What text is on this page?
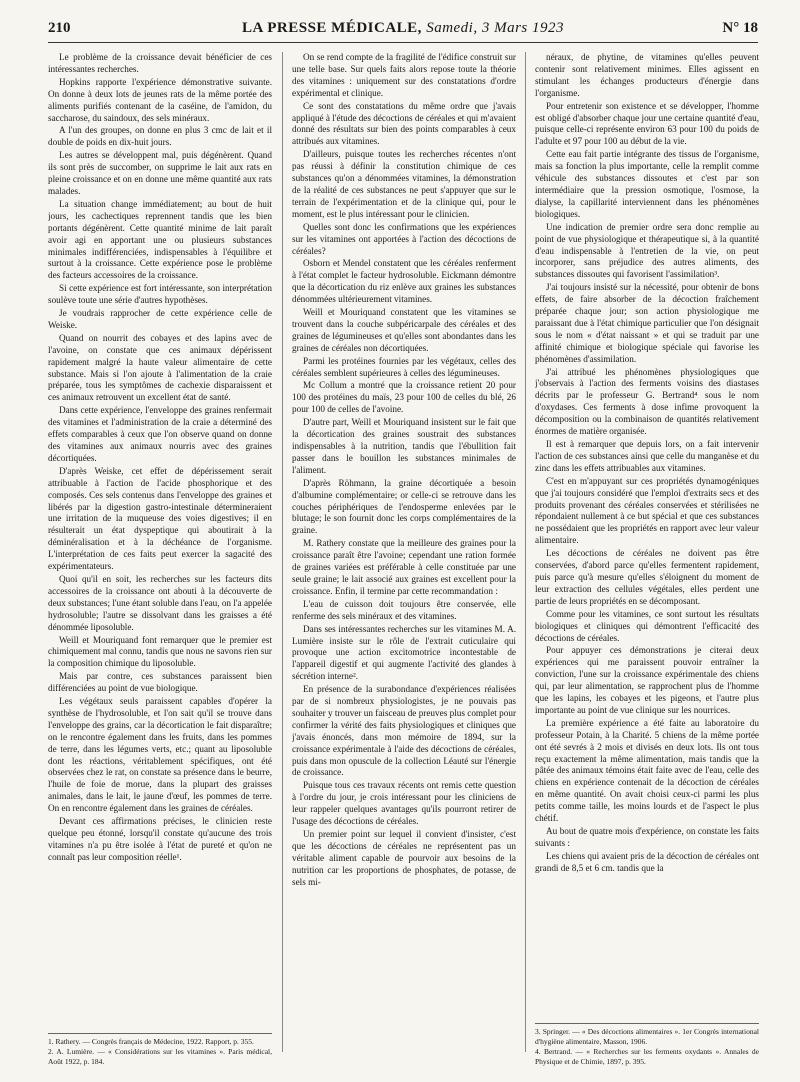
210	LA PRESSE MÉDICALE, Samedi, 3 Mars 1923	N° 18

Le problème de la croissance devait bénéficier de ces intéressantes recherches.

Hopkins rapporte l'expérience démonstrative suivante. On donne à deux lots de jeunes rats de la même portée des aliments purifiés contenant de la caséine, de l'amidon, du saccharose, du saindoux, des sels minéraux.

A l'un des groupes, on donne en plus 3 cmc de lait et il double de poids en dix-huit jours.

Les autres se développent mal, puis dégénèrent. Quand ils sont près de succomber, on supprime le lait aux rats en pleine croissance et on en donne une même quantité aux rats malades.

La situation change immédiatement; au bout de huit jours, les cachectiques reprennent tandis que les bien portants dégénèrent. Cette quantité minime de lait paraît avoir agi en apportant une ou plusieurs substances minimales indifférenciées, indispensables à l'équilibre et surtout à la croissance. Cette expérience pose le problème des facteurs accessoires de la croissance.

Si cette expérience est fort intéressante, son interprétation soulève toute une série d'autres hypothèses.

Je voudrais rapprocher de cette expérience celle de Weiske.

Quand on nourrit des cobayes et des lapins avec de l'avoine, on constate que ces animaux dépérissent rapidement malgré la haute valeur alimentaire de cette substance. Mais si l'on ajoute à l'alimentation de la craie préparée, tous les symptômes de cachexie disparaissent et ces animaux retrouvent un excellent état de santé.

Dans cette expérience, l'enveloppe des graines renfermait des vitamines et l'administration de la craie a déterminé des effets comparables à ceux que l'on observe quand on donne des vitamines aux animaux nourris avec des graines décortiquées.

D'après Weiske, cet effet de dépérissement serait attribuable à l'action de l'acide phosphorique et des composés. Ces sels contenus dans l'enveloppe des graines et libérés par la digestion gastro-intestinale détermineraient une irritation de la muqueuse des voies digestives; il en résulterait un état dyspeptique qui aboutirait à la déminéralisation et à la déchéance de l'organisme. L'interprétation de ces faits peut exercer la sagacité des expérimentateurs.

Quoi qu'il en soit, les recherches sur les facteurs dits accessoires de la croissance ont abouti à la découverte de deux substances; l'une étant soluble dans l'eau, on l'a appelée hydrosoluble; l'autre se dissolvant dans les graisses a été dénommée liposoluble.

Weill et Mouriquand font remarquer que le premier est chimiquement mal connu, tandis que nous ne savons rien sur la composition chimique du liposoluble.

Mais par contre, ces substances paraissent bien différenciées au point de vue biologique.

Les végétaux seuls paraissent capables d'opérer la synthèse de l'hydrosoluble, et l'on sait qu'il se trouve dans l'enveloppe des grains, car la décortication le fait disparaître; on le rencontre également dans les fruits, dans les pommes de terre, dans les légumes verts, etc.; quant au liposoluble dont les réactions, véritablement spécifiques, ont été observées chez le rat, on constate sa présence dans le beurre, l'huile de foie de morue, dans la plupart des graisses animales, dans le lait, le jaune d'œuf, les pommes de terre. On en rencontre également dans les graines de céréales.

Devant ces affirmations précises, le clinicien reste quelque peu étonné, lorsqu'il constate qu'aucune des trois vitamines n'a pu être isolée à l'état de pureté et qu'on ne connaît pas leur composition réelle¹.

1. Rathery. — Congrès français de Médecine, 1922. Rapport, p. 355.
2. A. Lumière. — « Considérations sur les vitamines ». Paris médical, Août 1922, p. 184.

On se rend compte de la fragilité de l'édifice construit sur une telle base. Sur quels faits alors repose toute la théorie des vitamines : uniquement sur des constatations d'ordre expérimental et clinique.

Ce sont des constatations du même ordre que j'avais appliqué à l'étude des décoctions de céréales et qui m'avaient donné des résultats sur bien des points comparables à ceux attribués aux vitamines.

D'ailleurs, puisque toutes les recherches récentes n'ont pas réussi à définir la constitution chimique de ces substances qu'on a dénommées vitamines, la démonstration de la réalité de ces substances ne peut s'appuyer que sur le terrain de l'expérimentation et de la clinique qui, pour le moment, est le plus intéressant pour le clinicien.

Quelles sont donc les confirmations que les expériences sur les vitamines ont apportées à l'action des décoctions de céréales?

Osborn et Mendel constatent que les céréales renferment à l'état complet le facteur hydrosoluble. Eickmann démontre que la décortication du riz enlève aux graines les substances dénommées ultérieurement vitamines.

Weill et Mouriquand constatent que les vitamines se trouvent dans la couche subpéricarpale des céréales et des graines de légumineuses et qu'elles sont abondantes dans les graines de céréales non décortiquées.

Parmi les protéines fournies par les végétaux, celles des céréales semblent supérieures à celles des légumineuses.

Mc Collum a montré que la croissance retient 20 pour 100 des protéines du maïs, 23 pour 100 de celles du blé, 26 pour 100 de celles de l'avoine.

D'autre part, Weill et Mouriquand insistent sur le fait que la décortication des graines soustrait des substances indispensables à la nutrition, tandis que l'ébullition fait passer dans le bouillon les substances minimales de l'aliment.

D'après Röhmann, la graine décortiquée a besoin d'albumine complémentaire; or celle-ci se retrouve dans les couches périphériques de l'endosperme enlevées par le blutage; le son fournit donc les corps complémentaires de la graine.

M. Rathery constate que la meilleure des graines pour la croissance paraît être l'avoine; cependant une ration formée de graines variées est préférable à celle constituée par une seule graine; le lait associé aux graines est excellent pour la croissance. Enfin, il termine par cette recommandation :

L'eau de cuisson doit toujours être conservée, elle renferme des sels minéraux et des vitamines.

Dans ses intéressantes recherches sur les vitamines M. A. Lumière insiste sur le rôle de l'extrait cuticulaire qui provoque une action excitomotrice incontestable de l'appareil digestif et qui augmente l'activité des glandes à sécrétion interne².

En présence de la surabondance d'expériences réalisées par de si nombreux physiologistes, je ne pouvais pas souhaiter y trouver un faisceau de preuves plus complet pour confirmer la vérité des faits physiologiques et cliniques que j'avais énoncés, dans mon mémoire de 1894, sur la croissance expérimentale à l'aide des décoctions de céréales, puis dans mon opuscule de la collection Léauté sur l'énergie de croissance.

Puisque tous ces travaux récents ont remis cette question à l'ordre du jour, je crois intéressant pour les cliniciens de leur rappeler quelques avantages qu'ils pourront retirer de l'usage des décoctions de céréales.

Un premier point sur lequel il convient d'insister, c'est que les décoctions de céréales ne représentent pas un véritable aliment capable de pourvoir aux besoins de la nutrition car les proportions de phosphates, de potasse, de sels mi-

néraux, de phytine, de vitamines qu'elles peuvent contenir sont relativement minimes. Elles agissent en stimulant les échanges producteurs d'énergie dans l'organisme.

Pour entretenir son existence et se développer, l'homme est obligé d'absorber chaque jour une certaine quantité d'eau, puisque celle-ci représente environ 63 pour 100 du poids de l'adulte et 97 pour 100 au début de la vie.

Cette eau fait partie intégrante des tissus de l'organisme, mais sa fonction la plus importante, celle la remplit comme véhicule des substances dissoutes et c'est par son intermédiaire que la pression osmotique, l'osmose, la dialyse, la capillarité interviennent dans les phénomènes biologiques.

Une indication de premier ordre sera donc remplie au point de vue physiologique et thérapeutique si, à la quantité d'eau indispensable à l'entretien de la vie, on peut incorporer, sans préjudice des autres aliments, des substances dissoutes qui favorisent l'assimilation³.

J'ai toujours insisté sur la nécessité, pour obtenir de bons effets, de faire absorber de la décoction fraîchement préparée chaque jour; son action physiologique me paraissant due à l'état chimique particulier que l'on désignait sous le nom « d'état naissant » et qui se traduit par une affinité chimique et biologique spéciale qui favorise les phénomènes d'assimilation.

J'ai attribué les phénomènes physiologiques que j'observais à l'action des ferments voisins des diastases décrits par le professeur G. Bertrand⁴ sous le nom d'oxydases. Ces ferments à dose infime provoquent la décomposition ou la combinaison de quantités relativement énormes de matière organisée.

Il est à remarquer que depuis lors, on a fait intervenir l'action de ces substances ainsi que celle du manganèse et du zinc dans les effets attribuables aux vitamines.

C'est en m'appuyant sur ces propriétés dynamogéniques que j'ai toujours considéré que l'emploi d'extraits secs et des produits provenant des céréales conservées et stérilisées ne répondaient nullement à ce but spécial et que ces substances ne possédaient que les propriétés en rapport avec leur valeur alimentaire.

Les décoctions de céréales ne doivent pas être conservées, d'abord parce qu'elles fermentent rapidement, puis parce qu'à mesure qu'elles s'éloignent du moment de leur extraction des cellules végétales, elles perdent une partie de leurs propriétés en se décomposant.

Comme pour les vitamines, ce sont surtout les résultats biologiques et cliniques qui démontrent l'efficacité des décoctions de céréales.

Pour appuyer ces démonstrations je citerai deux expériences qui me paraissent pouvoir entraîner la conviction, l'une sur la croissance expérimentale des chiens qui, par leur alimentation, se rapprochent plus de l'homme que les lapins, les cobayes et les pigeons, et l'autre plus importante au point de vue clinique sur les nourrices.

La première expérience a été faite au laboratoire du professeur Potain, à la Charité. 5 chiens de la même portée ont été sevrés à 2 mois et divisés en deux lots. Ils ont tous reçu exactement la même alimentation, mais tandis que la pâtée des animaux témoins était faite avec de l'eau, celle des chiens en expérience contenait de la décoction de céréales en même quantité. On avait choisi ceux-ci parmi les plus petits comme taille, les moins lourds et de l'aspect le plus chétif.

Au bout de quatre mois d'expérience, on constate les faits suivants :

Les chiens qui avaient pris de la décoction de céréales ont grandi de 8,5 et 6 cm. tandis que la

3. Springer. — « Des décoctions alimentaires ». 1er Congrès international d'hygiène alimentaire, Masson, 1906.
4. Bertrand. — « Recherches sur les ferments oxydants ». Annales de Physique et de Chimie, 1897, p. 395.
